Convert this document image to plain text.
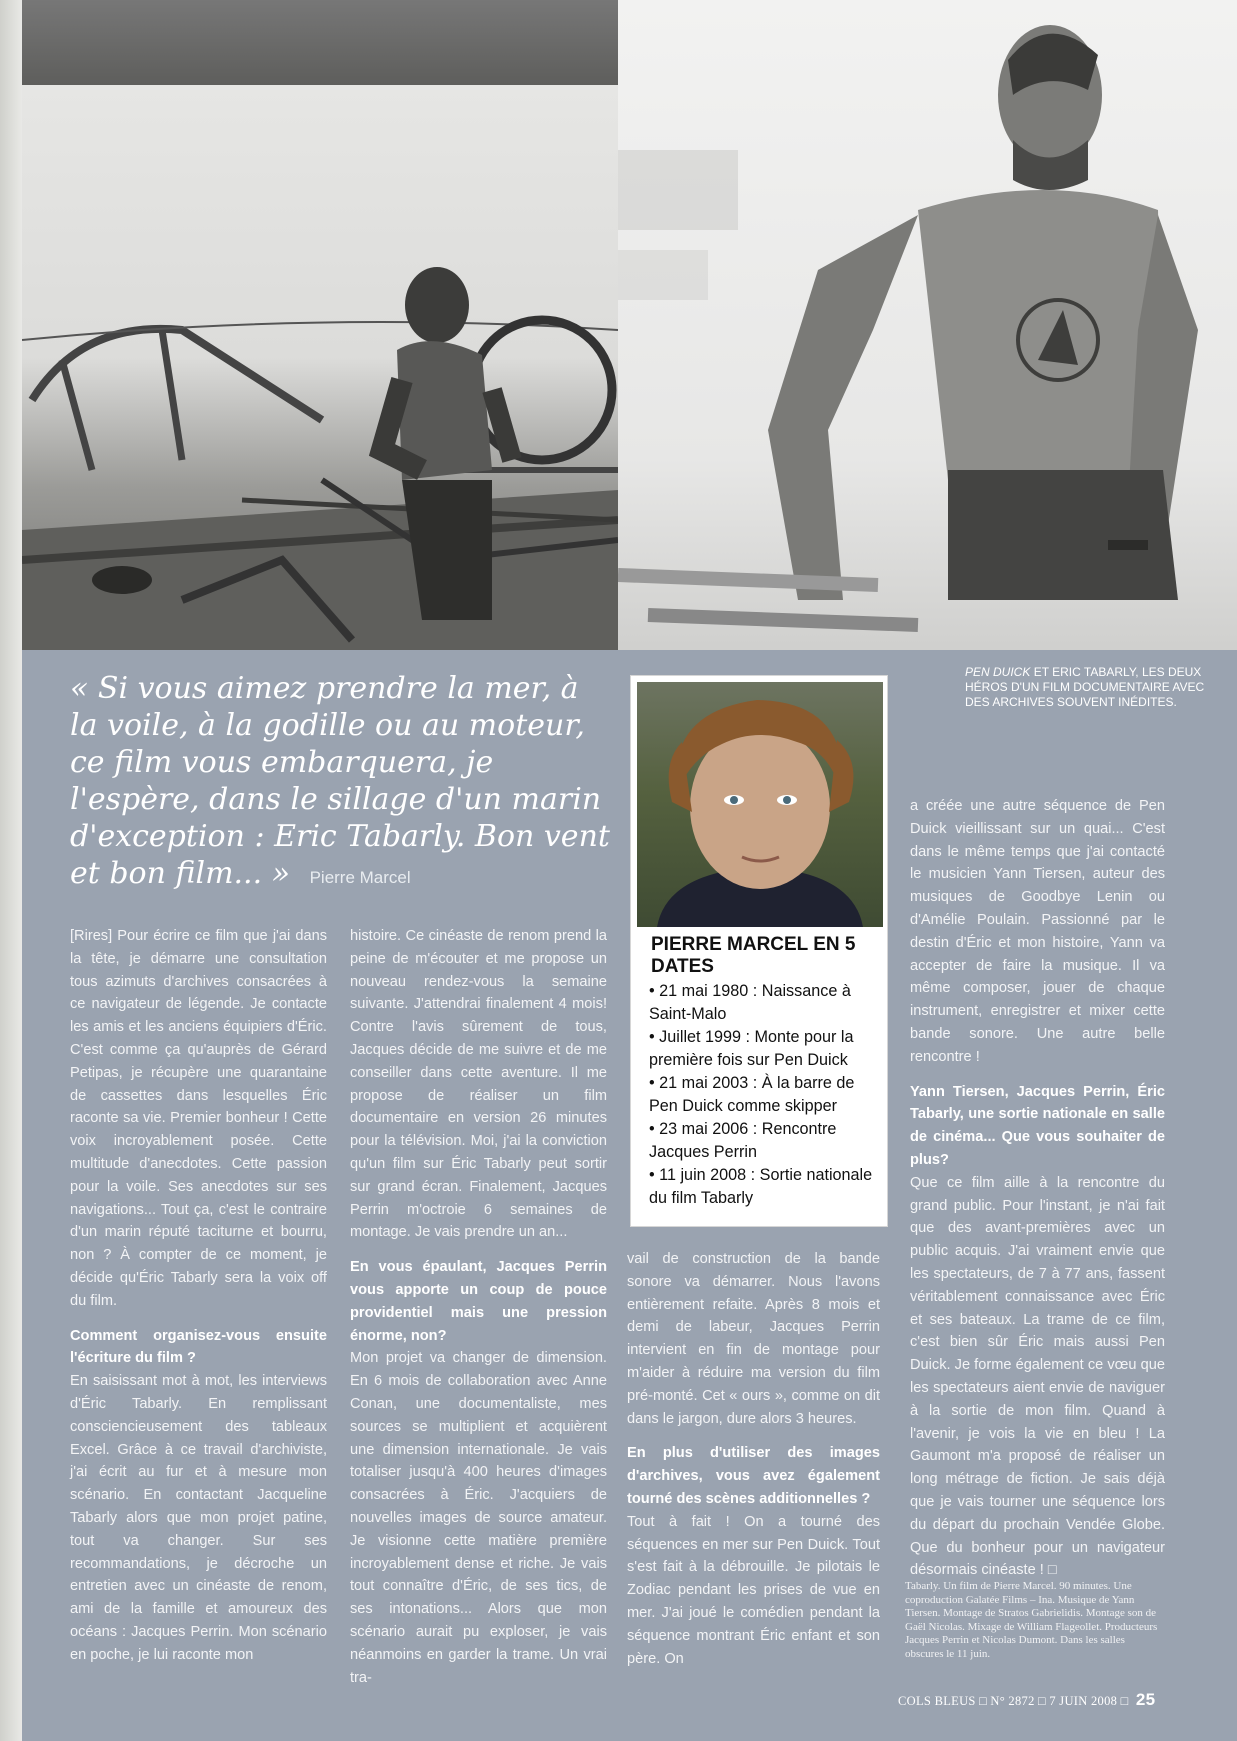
« Si vous aimez prendre la mer, à la voile, à la godille ou au moteur, ce film vous embarquera, je l'espère, dans le sillage d'un marin d'exception : Eric Tabarly. Bon vent et bon film... » Pierre Marcel
PEN DUICK ET ERIC TABARLY, LES DEUX HÉROS D'UN FILM DOCUMENTAIRE AVEC DES ARCHIVES SOUVENT INÉDITES.
PIERRE MARCEL EN 5 DATES
• 21 mai 1980 : Naissance à Saint-Malo
• Juillet 1999 : Monte pour la première fois sur Pen Duick
• 21 mai 2003 : À la barre de Pen Duick comme skipper
• 23 mai 2006 : Rencontre Jacques Perrin
• 11 juin 2008 : Sortie nationale du film Tabarly

[Rires] Pour écrire ce film que j'ai dans la tête, je démarre une consultation tous azimuts d'archives consacrées à ce navigateur de légende. Je contacte les amis et les anciens équipiers d'Éric. C'est comme ça qu'auprès de Gérard Petipas, je récupère une quarantaine de cassettes dans lesquelles Éric raconte sa vie. Premier bonheur ! Cette voix incroyablement posée. Cette multitude d'anecdotes. Cette passion pour la voile. Ses anecdotes sur ses navigations... Tout ça, c'est le contraire d'un marin réputé taciturne et bourru, non ? À compter de ce moment, je décide qu'Éric Tabarly sera la voix off du film.

Comment organisez-vous ensuite l'écriture du film ?

En saisissant mot à mot, les interviews d'Éric Tabarly. En remplissant consciencieusement des tableaux Excel. Grâce à ce travail d'archiviste, j'ai écrit au fur et à mesure mon scénario. En contactant Jacqueline Tabarly alors que mon projet patine, tout va changer. Sur ses recommandations, je décroche un entretien avec un cinéaste de renom, ami de la famille et amoureux des océans : Jacques Perrin. Mon scénario en poche, je lui raconte mon

histoire. Ce cinéaste de renom prend la peine de m'écouter et me propose un nouveau rendez-vous la semaine suivante. J'attendrai finalement 4 mois! Contre l'avis sûrement de tous, Jacques décide de me suivre et de me conseiller dans cette aventure. Il me propose de réaliser un film documentaire en version 26 minutes pour la télévision. Moi, j'ai la conviction qu'un film sur Éric Tabarly peut sortir sur grand écran. Finalement, Jacques Perrin m'octroie 6 semaines de montage. Je vais prendre un an...

En vous épaulant, Jacques Perrin vous apporte un coup de pouce providentiel mais une pression énorme, non?

Mon projet va changer de dimension. En 6 mois de collaboration avec Anne Conan, une documentaliste, mes sources se multiplient et acquièrent une dimension internationale. Je vais totaliser jusqu'à 400 heures d'images consacrées à Éric. J'acquiers de nouvelles images de source amateur. Je visionne cette matière première incroyablement dense et riche. Je vais tout connaître d'Éric, de ses tics, de ses intonations... Alors que mon scénario aurait pu exploser, je vais néanmoins en garder la trame. Un vrai tra-

vail de construction de la bande sonore va démarrer. Nous l'avons entièrement refaite. Après 8 mois et demi de labeur, Jacques Perrin intervient en fin de montage pour m'aider à réduire ma version du film pré-monté. Cet « ours », comme on dit dans le jargon, dure alors 3 heures.

En plus d'utiliser des images d'archives, vous avez également tourné des scènes additionnelles ?

Tout à fait ! On a tourné des séquences en mer sur Pen Duick. Tout s'est fait à la débrouille. Je pilotais le Zodiac pendant les prises de vue en mer. J'ai joué le comédien pendant la séquence montrant Éric enfant et son père. On

a créée une autre séquence de Pen Duick vieillissant sur un quai... C'est dans le même temps que j'ai contacté le musicien Yann Tiersen, auteur des musiques de Goodbye Lenin ou d'Amélie Poulain. Passionné par le destin d'Éric et mon histoire, Yann va accepter de faire la musique. Il va même composer, jouer de chaque instrument, enregistrer et mixer cette bande sonore. Une autre belle rencontre !

Yann Tiersen, Jacques Perrin, Éric Tabarly, une sortie nationale en salle de cinéma... Que vous souhaiter de plus?

Que ce film aille à la rencontre du grand public. Pour l'instant, je n'ai fait que des avant-premières avec un public acquis. J'ai vraiment envie que les spectateurs, de 7 à 77 ans, fassent véritablement connaissance avec Éric et ses bateaux. La trame de ce film, c'est bien sûr Éric mais aussi Pen Duick. Je forme également ce vœu que les spectateurs aient envie de naviguer à la sortie de mon film. Quand à l'avenir, je vois la vie en bleu ! La Gaumont m'a proposé de réaliser un long métrage de fiction. Je sais déjà que je vais tourner une séquence lors du départ du prochain Vendée Globe. Que du bonheur pour un navigateur désormais cinéaste ! □

Tabarly. Un film de Pierre Marcel. 90 minutes. Une coproduction Galatée Films – Ina. Musique de Yann Tiersen. Montage de Stratos Gabrielidis. Montage son de Gaël Nicolas. Mixage de William Flageollet. Producteurs Jacques Perrin et Nicolas Dumont. Dans les salles obscures le 11 juin.
COLS BLEUS □ N° 2872 □ 7 JUIN 2008 □ 25
